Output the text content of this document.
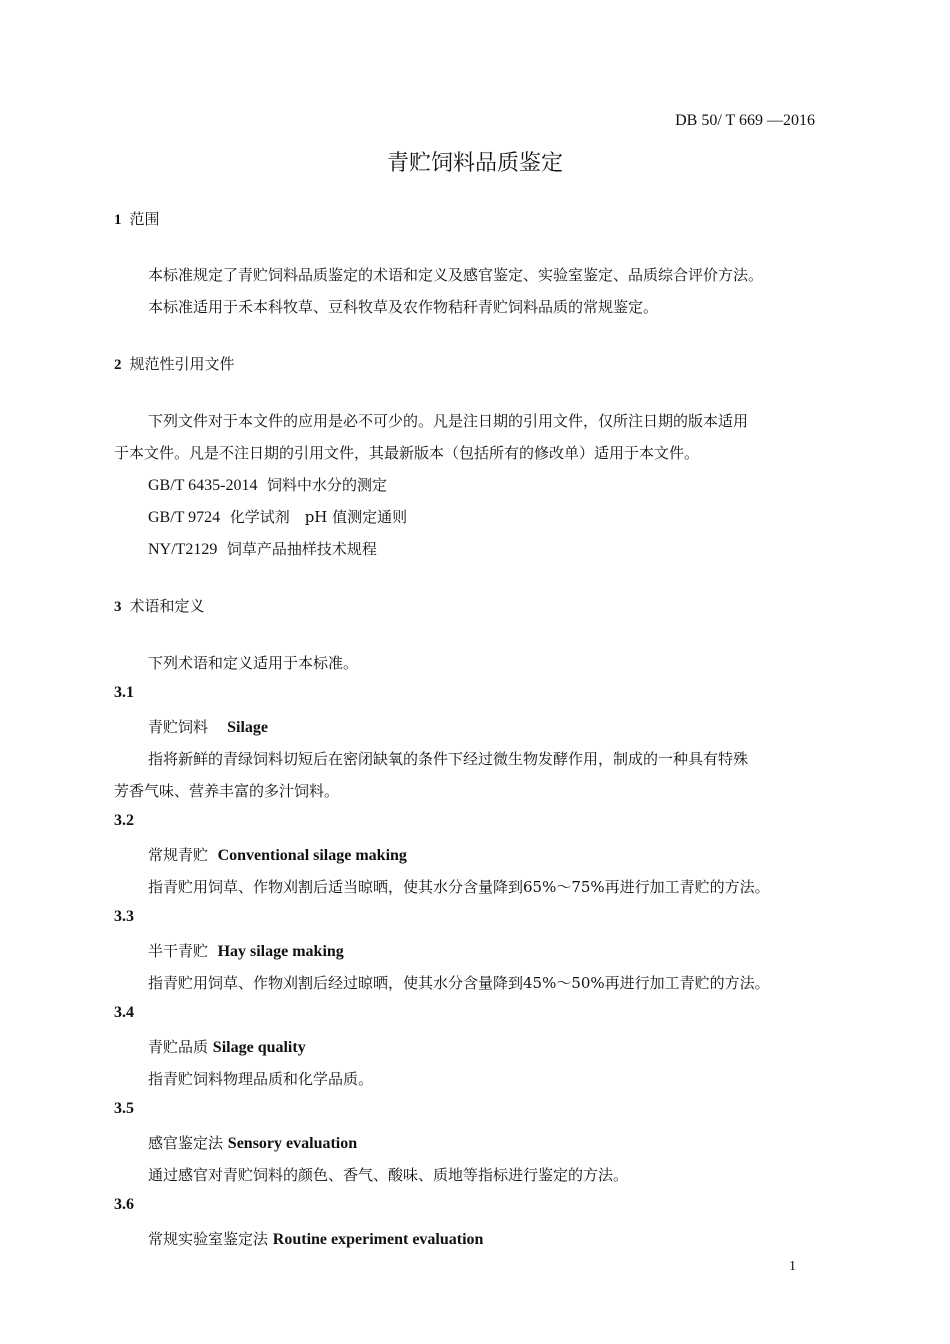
DB 50/ T 669 —2016
青贮饲料品质鉴定
1 范围
本标准规定了青贮饲料品质鉴定的术语和定义及感官鉴定、实验室鉴定、品质综合评价方法。
本标准适用于禾本科牧草、豆科牧草及农作物秸秆青贮饲料品质的常规鉴定。
2 规范性引用文件
下列文件对于本文件的应用是必不可少的。凡是注日期的引用文件，仅所注日期的版本适用
于本文件。凡是不注日期的引用文件，其最新版本（包括所有的修改单）适用于本文件。
GB/T 6435-2014 饲料中水分的测定
GB/T 9724 化学试剂　pH 值测定通则
NY/T2129 饲草产品抽样技术规程
3 术语和定义
下列术语和定义适用于本标准。
3.1
青贮饲料 Silage
指将新鲜的青绿饲料切短后在密闭缺氧的条件下经过微生物发酵作用，制成的一种具有特殊
芳香气味、营养丰富的多汁饲料。
3.2
常规青贮 Conventional silage making
指青贮用饲草、作物刈割后适当晾晒，使其水分含量降到65%～75%再进行加工青贮的方法。
3.3
半干青贮 Hay silage making
指青贮用饲草、作物刈割后经过晾晒，使其水分含量降到45%～50%再进行加工青贮的方法。
3.4
青贮品质 Silage quality
指青贮饲料物理品质和化学品质。
3.5
感官鉴定法 Sensory evaluation
通过感官对青贮饲料的颜色、香气、酸味、质地等指标进行鉴定的方法。
3.6
常规实验室鉴定法 Routine experiment evaluation
1
